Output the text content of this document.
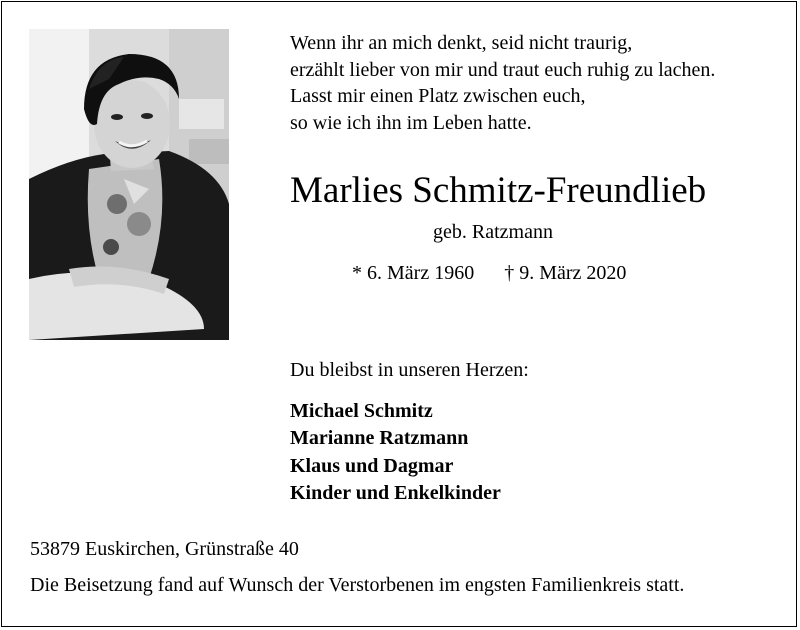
Wenn ihr an mich denkt, seid nicht traurig,
erzählt lieber von mir und traut euch ruhig zu lachen.
Lasst mir einen Platz zwischen euch,
so wie ich ihn im Leben hatte.
Marlies Schmitz-Freundlieb
geb. Ratzmann
* 6. März 1960 † 9. März 2020
Du bleibst in unseren Herzen:
Michael Schmitz
Marianne Ratzmann
Klaus und Dagmar
Kinder und Enkelkinder
53879 Euskirchen, Grünstraße 40
Die Beisetzung fand auf Wunsch der Verstorbenen im engsten Familienkreis statt.
